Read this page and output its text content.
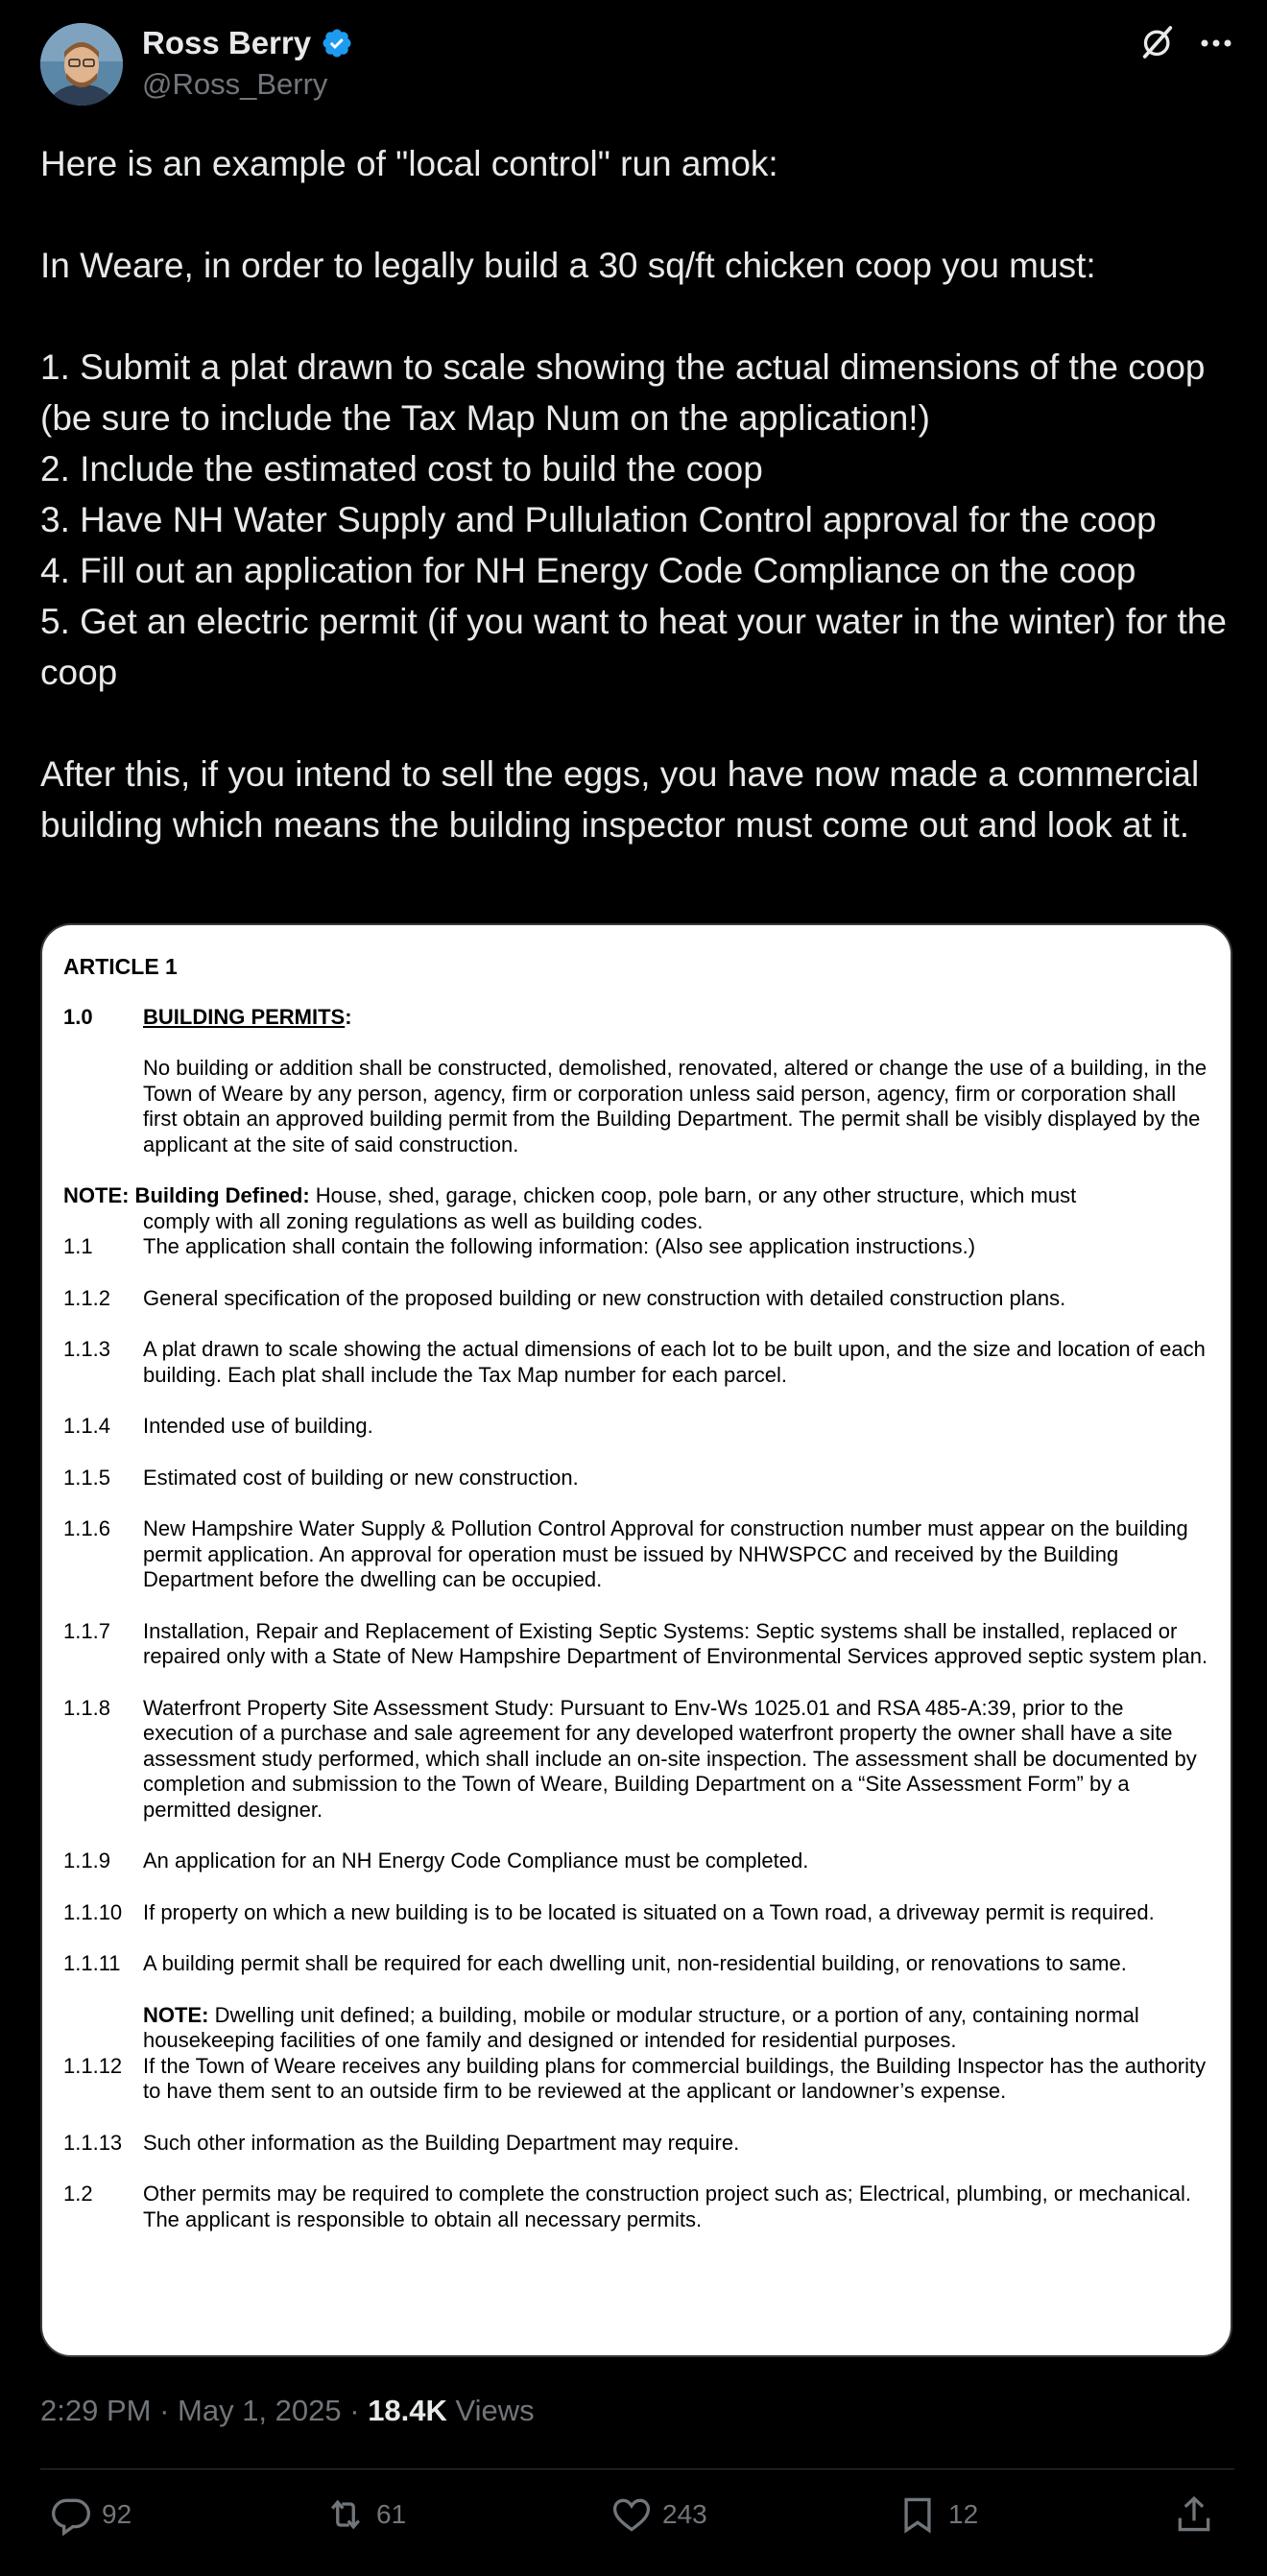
Ross Berry
@Ross_Berry

Here is an example of "local control" run amok:

In Weare, in order to legally build a 30 sq/ft chicken coop you must:

1. Submit a plat drawn to scale showing the actual dimensions of the coop (be sure to include the Tax Map Num on the application!)

2. Include the estimated cost to build the coop

3. Have NH Water Supply and Pullulation Control approval for the coop

4. Fill out an application for NH Energy Code Compliance on the coop

5. Get an electric permit (if you want to heat your water in the winter) for the coop

After this, if you intend to sell the eggs, you have now made a commercial building which means the building inspector must come out and look at it.

ARTICLE 1
1.0	BUILDING PERMITS:
No building or addition shall be constructed, demolished, renovated, altered or change the use of a building, in the Town of Weare by any person, agency, firm or corporation unless said person, agency, firm or corporation shall first obtain an approved building permit from the Building Department. The permit shall be visibly displayed by the applicant at the site of said construction.
NOTE: Building Defined: House, shed, garage, chicken coop, pole barn, or any other structure, which must
comply with all zoning regulations as well as building codes.
1.1	The application shall contain the following information: (Also see application instructions.)
1.1.2	General specification of the proposed building or new construction with detailed construction plans.
1.1.3	A plat drawn to scale showing the actual dimensions of each lot to be built upon, and the size and location of each building. Each plat shall include the Tax Map number for each parcel.
1.1.4	Intended use of building.
1.1.5	Estimated cost of building or new construction.
1.1.6	New Hampshire Water Supply & Pollution Control Approval for construction number must appear on the building permit application. An approval for operation must be issued by NHWSPCC and received by the Building Department before the dwelling can be occupied.
1.1.7	Installation, Repair and Replacement of Existing Septic Systems: Septic systems shall be installed, replaced or repaired only with a State of New Hampshire Department of Environmental Services approved septic system plan.
1.1.8	Waterfront Property Site Assessment Study: Pursuant to Env-Ws 1025.01 and RSA 485-A:39, prior to the execution of a purchase and sale agreement for any developed waterfront property the owner shall have a site assessment study performed, which shall include an on-site inspection. The assessment shall be documented by completion and submission to the Town of Weare, Building Department on a “Site Assessment Form” by a permitted designer.
1.1.9	An application for an NH Energy Code Compliance must be completed.
1.1.10 If property on which a new building is to be located is situated on a Town road, a driveway permit is required.
1.1.11	A building permit shall be required for each dwelling unit, non-residential building, or renovations to same.
NOTE: Dwelling unit defined; a building, mobile or modular structure, or a portion of any, containing normal housekeeping facilities of one family and designed or intended for residential purposes.
1.1.12 If the Town of Weare receives any building plans for commercial buildings, the Building Inspector has the authority to have them sent to an outside firm to be reviewed at the applicant or landowner’s expense.
1.1.13 Such other information as the Building Department may require.
1.2	Other permits may be required to complete the construction project such as; Electrical, plumbing, or mechanical. The applicant is responsible to obtain all necessary permits.
2:29 PM · May 1, 2025 · 18.4K Views
92	61	243	12
